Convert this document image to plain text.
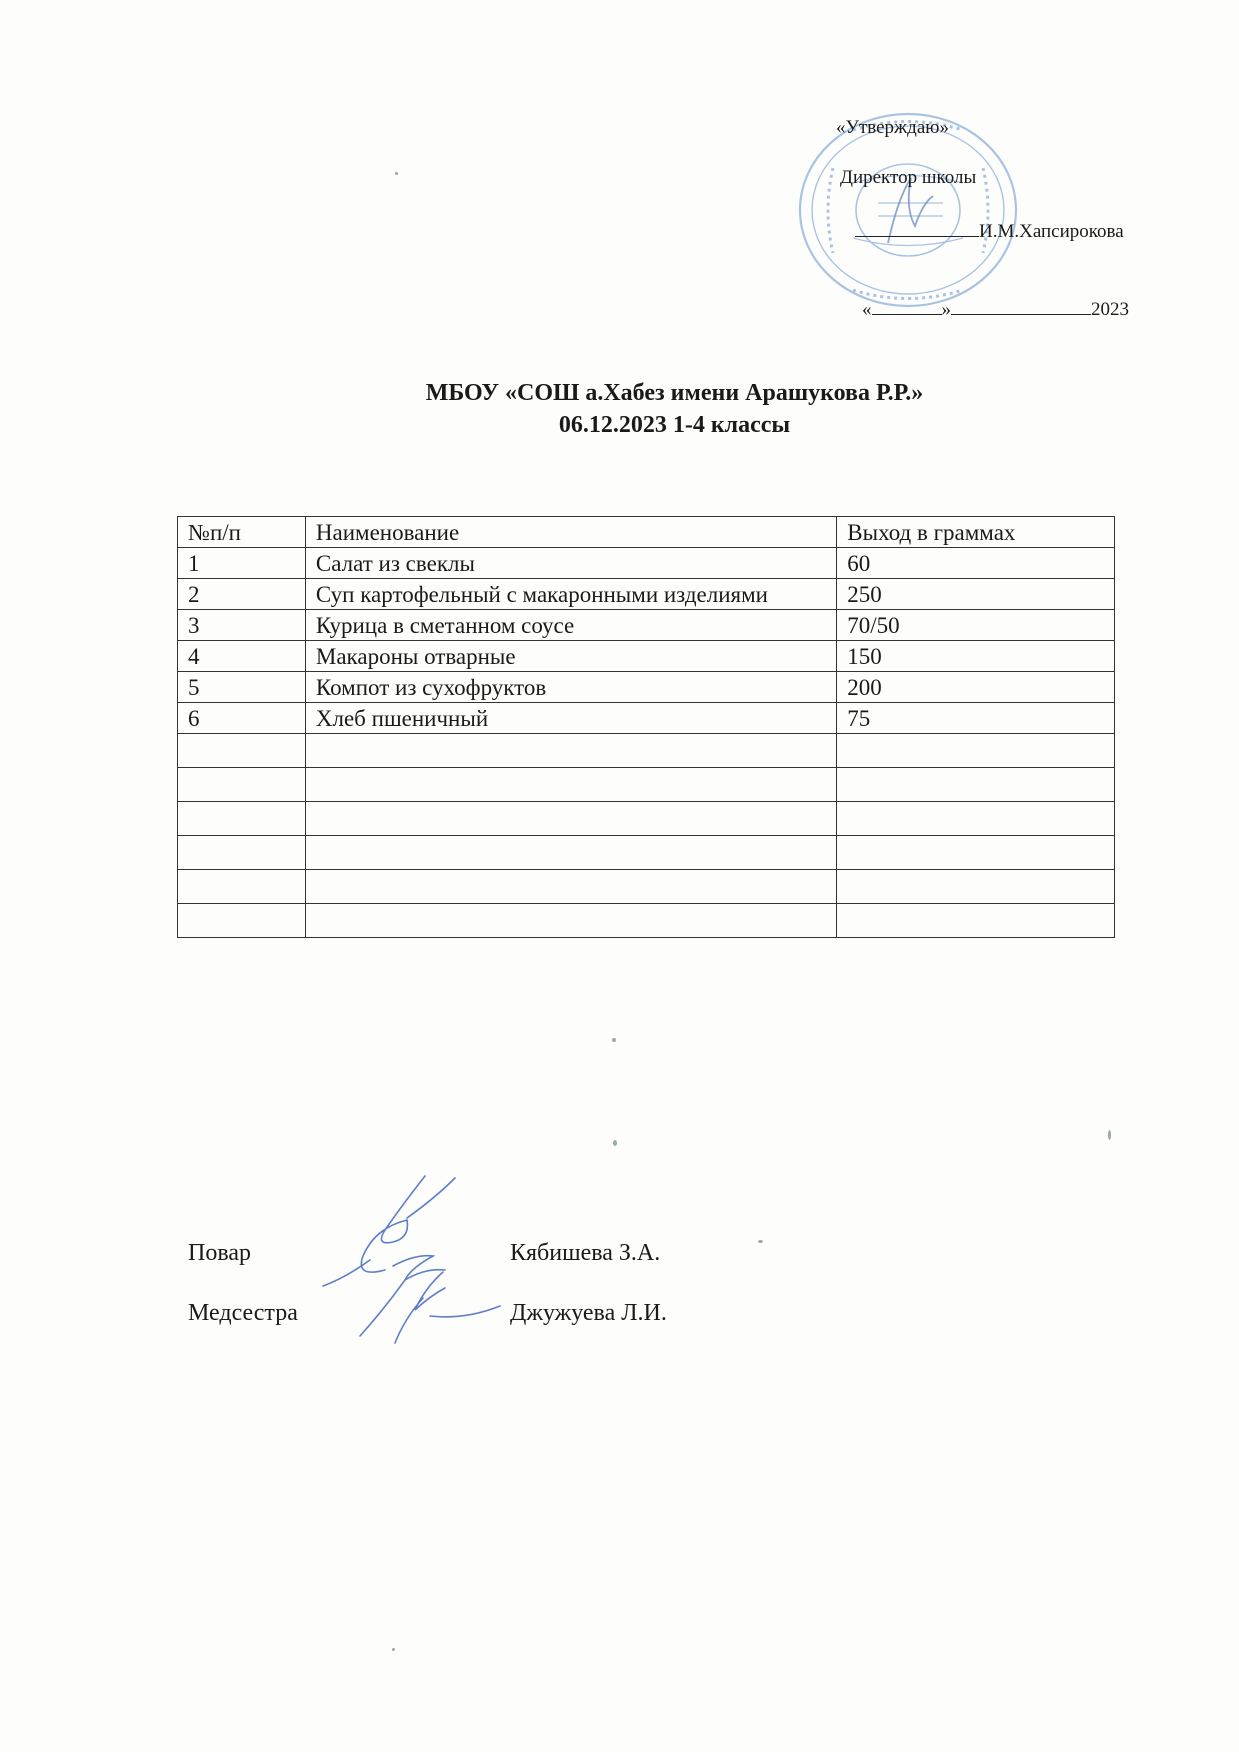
«Утверждаю»
Директор школы
И.М.Хапсирокова
«	»	2023
МБОУ «СОШ а.Хабез имени Арашукова Р.Р.»
06.12.2023 1-4 классы
№п/п	Наименование	Выход в граммах
1	Салат из свеклы	60
2	Суп картофельный с макаронными изделиями	250
3	Курица в сметанном соусе	70/50
4	Макароны отварные	150
5	Компот из сухофруктов	200
6	Хлеб пшеничный	75

Повар	Кябишева З.А.
Медсестра	Джужуева Л.И.
